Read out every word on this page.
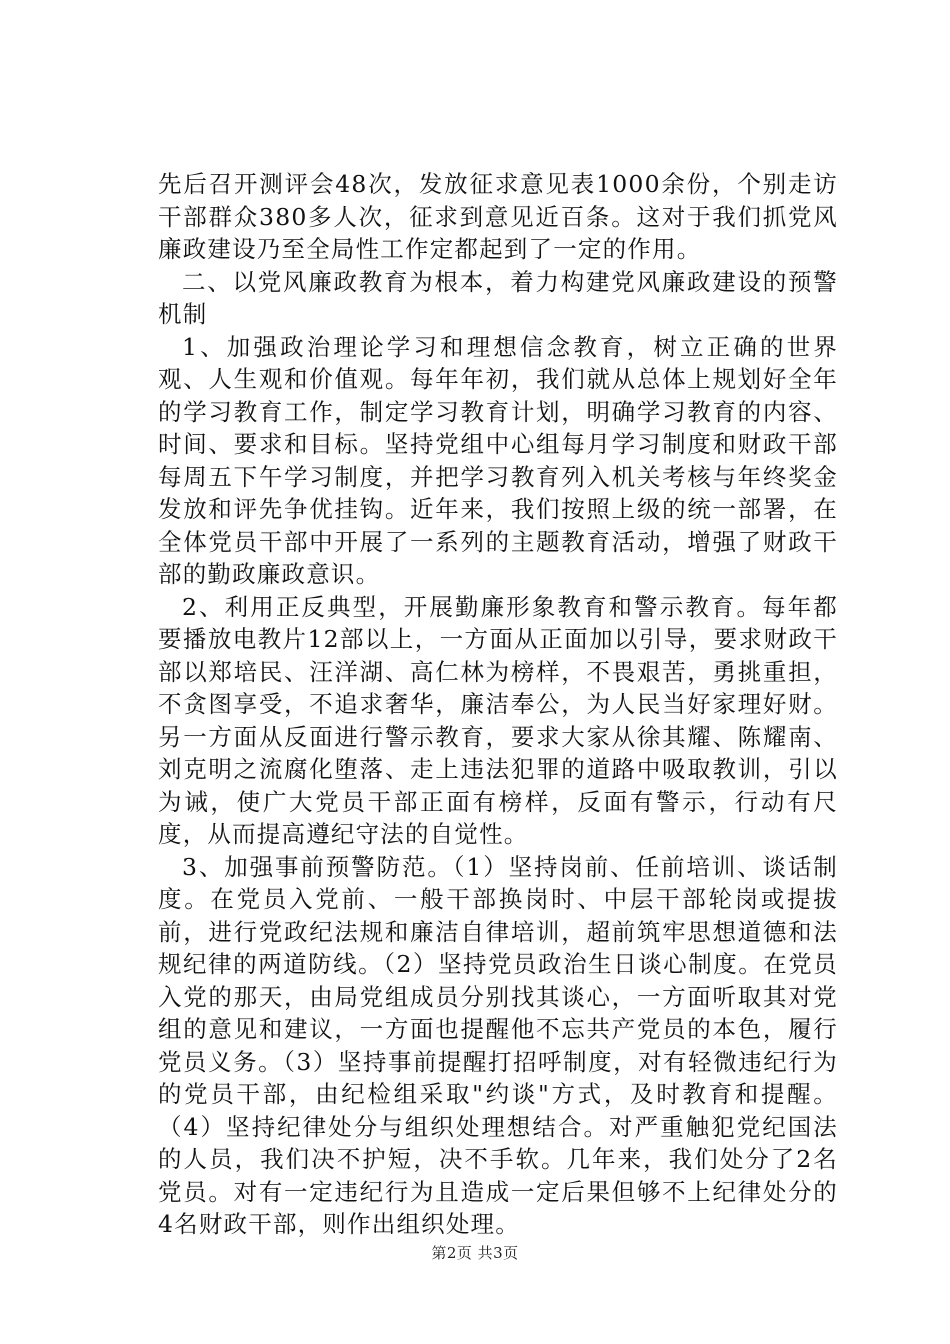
先后召开测评会48次，发放征求意见表1000余份，个别走访干部群众380多人次，征求到意见近百条。这对于我们抓党风廉政建设乃至全局性工作定都起到了一定的作用。

二、以党风廉政教育为根本，着力构建党风廉政建设的预警机制

1、加强政治理论学习和理想信念教育，树立正确的世界观、人生观和价值观。每年年初，我们就从总体上规划好全年的学习教育工作，制定学习教育计划，明确学习教育的内容、时间、要求和目标。坚持党组中心组每月学习制度和财政干部每周五下午学习制度，并把学习教育列入机关考核与年终奖金发放和评先争优挂钩。近年来，我们按照上级的统一部署，在全体党员干部中开展了一系列的主题教育活动，增强了财政干部的勤政廉政意识。

2、利用正反典型，开展勤廉形象教育和警示教育。每年都要播放电教片12部以上，一方面从正面加以引导，要求财政干部以郑培民、汪洋湖、高仁林为榜样，不畏艰苦，勇挑重担，不贪图享受，不追求奢华，廉洁奉公，为人民当好家理好财。另一方面从反面进行警示教育，要求大家从徐其耀、陈耀南、刘克明之流腐化堕落、走上违法犯罪的道路中吸取教训，引以为诫，使广大党员干部正面有榜样，反面有警示，行动有尺度，从而提高遵纪守法的自觉性。

3、加强事前预警防范。（1）坚持岗前、任前培训、谈话制度。在党员入党前、一般干部换岗时、中层干部轮岗或提拔前，进行党政纪法规和廉洁自律培训，超前筑牢思想道德和法规纪律的两道防线。（2）坚持党员政治生日谈心制度。在党员入党的那天，由局党组成员分别找其谈心，一方面听取其对党组的意见和建议，一方面也提醒他不忘共产党员的本色，履行党员义务。（3）坚持事前提醒打招呼制度，对有轻微违纪行为的党员干部，由纪检组采取"约谈"方式，及时教育和提醒。（4）坚持纪律处分与组织处理想结合。对严重触犯党纪国法的人员，我们决不护短，决不手软。几年来，我们处分了2名党员。对有一定违纪行为且造成一定后果但够不上纪律处分的4名财政干部，则作出组织处理。

第2页 共3页
